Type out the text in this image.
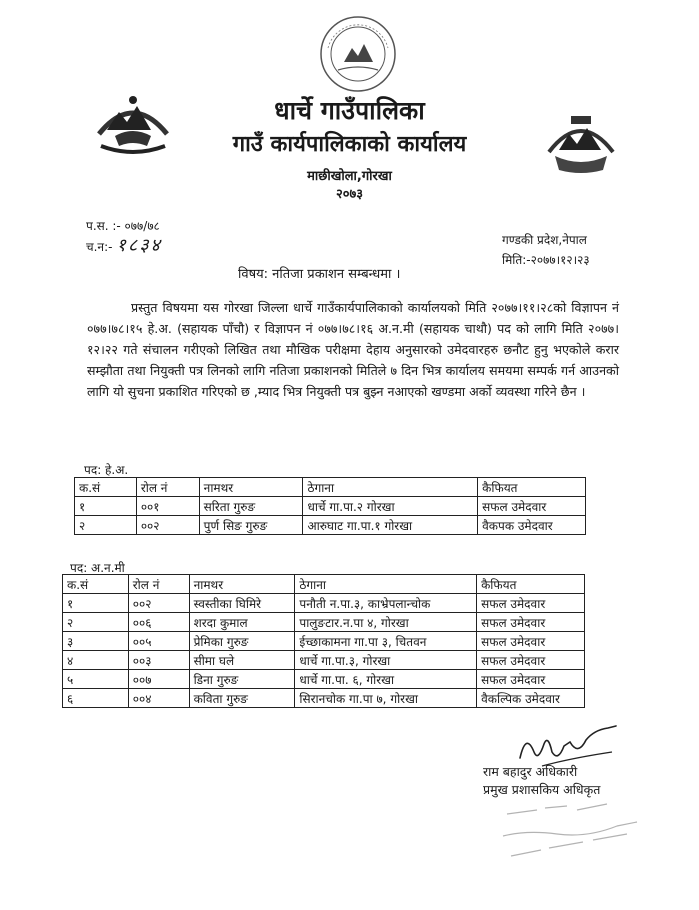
धार्चे गाउँपालिका
गाउँ कार्यपालिकाको कार्यालय
माछीखोला,गोरखा
२०७३
प.स. :- ०७७/७८
च.न:- १८३४	गण्डकी प्रदेश,नेपाल
मिति:-२०७७।१२।२३
विषय: नतिजा प्रकाशन सम्बन्धमा ।
प्रस्तुत विषयमा यस गोरखा जिल्ला धार्चे गाउँकार्यपालिकाको कार्यालयको मिति २०७७।११।२८को विज्ञापन नं ०७७।७८।१५ हे.अ. (सहायक पाँचौ) र विज्ञापन नं ०७७।७८।१६ अ.न.मी (सहायक चाथौ) पद को लागि मिति २०७७।१२।२२ गते संचालन गरीएको लिखित तथा मौखिक परीक्षमा देहाय अनुसारको उमेदवारहरु छनौट हुनु भएकोले करार सम्झौता तथा नियुक्ती पत्र लिनको लागि नतिजा प्रकाशनको मितिले ७ दिन भित्र कार्यालय समयमा सम्पर्क गर्न आउनको लागि यो सुचना प्रकाशित गरिएको छ ,म्याद भित्र नियुक्ती पत्र बुझ्न नआएको खण्डमा अर्को व्यवस्था गरिने छैन ।
पद: हे.अ.
क.सं	रोल नं	नामथर	ठेगाना	कैफियत
१	००१	सरिता गुरुङ	धार्चे गा.पा.२ गोरखा	सफल उमेदवार
२	००२	पुर्ण सिङ गुरुङ	आरुघाट गा.पा.१ गोरखा	वैकपक उमेदवार
पद: अ.न.मी
क.सं	रोल नं	नामथर	ठेगाना	कैफियत
१	००२	स्वस्तीका घिमिरे	पनौती न.पा.३, काभ्रेपलान्चोक	सफल उमेदवार
२	००६	शरदा कुमाल	पालुङटार.न.पा ४, गोरखा	सफल उमेदवार
३	००५	प्रेमिका गुरुङ	ईच्छाकामना गा.पा ३, चितवन	सफल उमेदवार
४	००३	सीमा घले	धार्चे गा.पा.३, गोरखा	सफल उमेदवार
५	००७	डिना गुरुङ	धार्चे गा.पा. ६, गोरखा	सफल उमेदवार
६	००४	कविता गुरुङ	सिरानचोक गा.पा ७, गोरखा	वैकल्पिक उमेदवार
राम बहादुर अधिकारी
प्रमुख प्रशासकिय अधिकृत
